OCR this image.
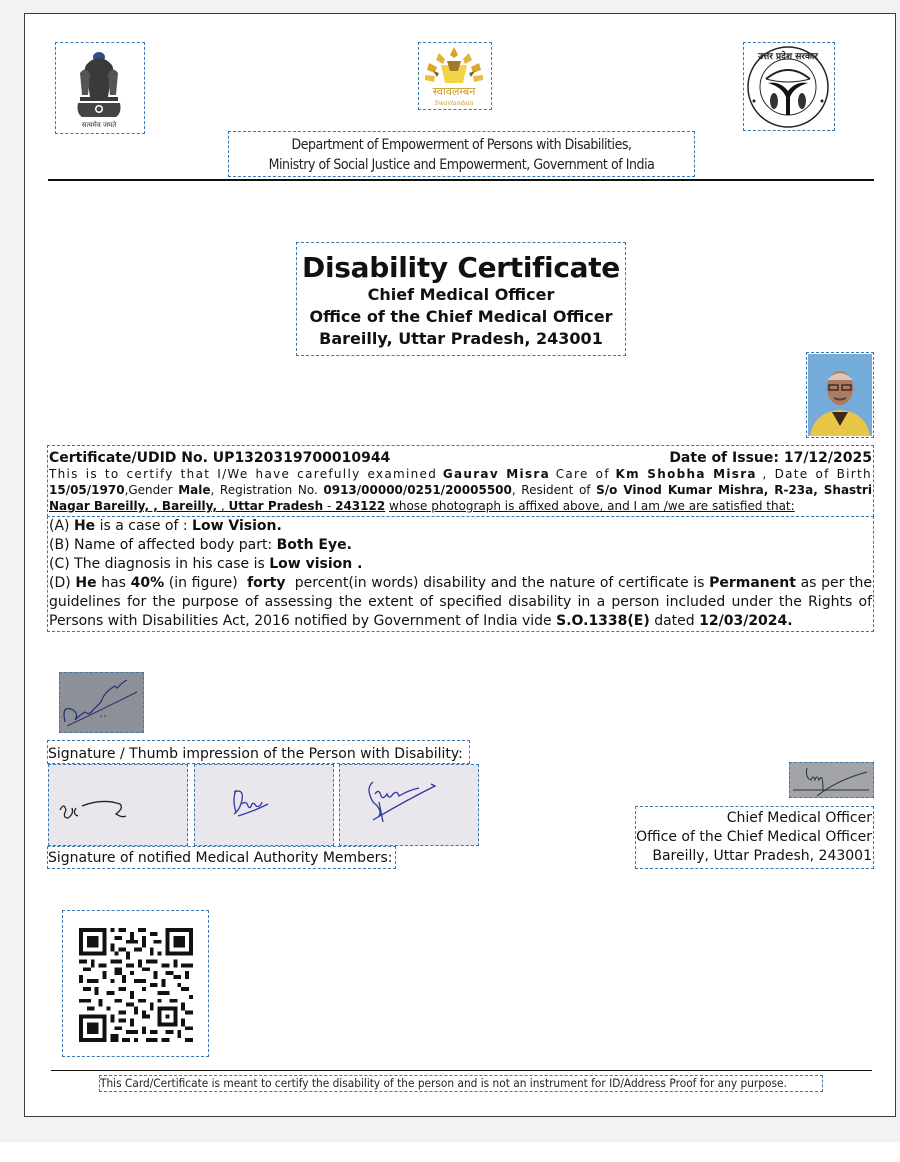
सत्यमेव जयते
स्वावलम्बन
Swavlamban
उत्तर प्रदेश सरकार
Department of Empowerment of Persons with Disabilities,
Ministry of Social Justice and Empowerment, Government of India
Disability Certificate
Chief Medical Officer
Office of the Chief Medical Officer
Bareilly, Uttar Pradesh, 243001
Certificate/UDID No. UP1320319700010944	Date of Issue: 17/12/2025
This is to certify that I/We have carefully examined Gaurav Misra Care of Km Shobha Misra , Date of Birth 15/05/1970,Gender Male, Registration No. 0913/00000/0251/20005500, Resident of S/o Vinod Kumar Mishra, R-23a, Shastri Nagar Bareilly, , Bareilly, , Uttar Pradesh - 243122 whose photograph is affixed above, and I am /we are satisfied that:
(A) He is a case of : Low Vision.
(B) Name of affected body part: Both Eye.
(C) The diagnosis in his case is Low vision .
(D) He has 40% (in figure)  forty  percent(in words) disability and the nature of certificate is Permanent as per the guidelines for the purpose of assessing the extent of specified disability in a person included under the Rights of Persons with Disabilities Act, 2016 notified by Government of India vide S.O.1338(E) dated 12/03/2024.
Signature / Thumb impression of the Person with Disability:
Signature of notified Medical Authority Members:
Chief Medical Officer
Office of the Chief Medical Officer
Bareilly, Uttar Pradesh, 243001
This Card/Certificate is meant to certify the disability of the person and is not an instrument for ID/Address Proof for any purpose.
